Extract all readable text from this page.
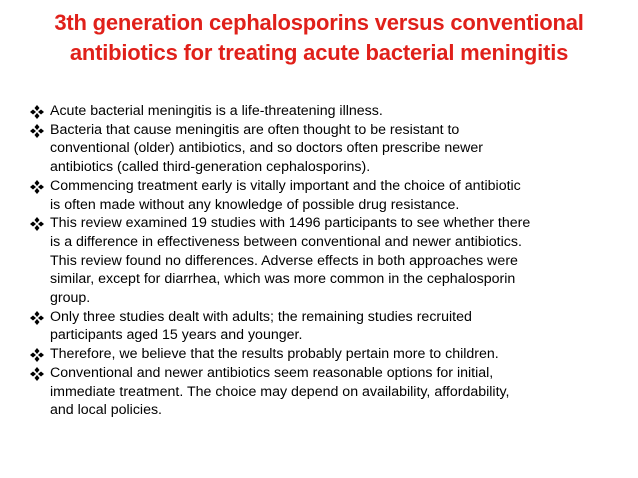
3th generation cephalosporins versus conventional
antibiotics for treating acute bacterial meningitis
Acute bacterial meningitis is a life-threatening illness.
Bacteria that cause meningitis are often thought to be resistant to
conventional (older) antibiotics, and so doctors often prescribe newer
antibiotics (called third-generation cephalosporins).
Commencing treatment early is vitally important and the choice of antibiotic
is often made without any knowledge of possible drug resistance.
This review examined 19 studies with 1496 participants to see whether there
is a difference in effectiveness between conventional and newer antibiotics.
This review found no differences. Adverse effects in both approaches were
similar, except for diarrhea, which was more common in the cephalosporin
group.
Only three studies dealt with adults; the remaining studies recruited
participants aged 15 years and younger.
Therefore, we believe that the results probably pertain more to children.
Conventional and newer antibiotics seem reasonable options for initial,
immediate treatment. The choice may depend on availability, affordability,
and local policies.
